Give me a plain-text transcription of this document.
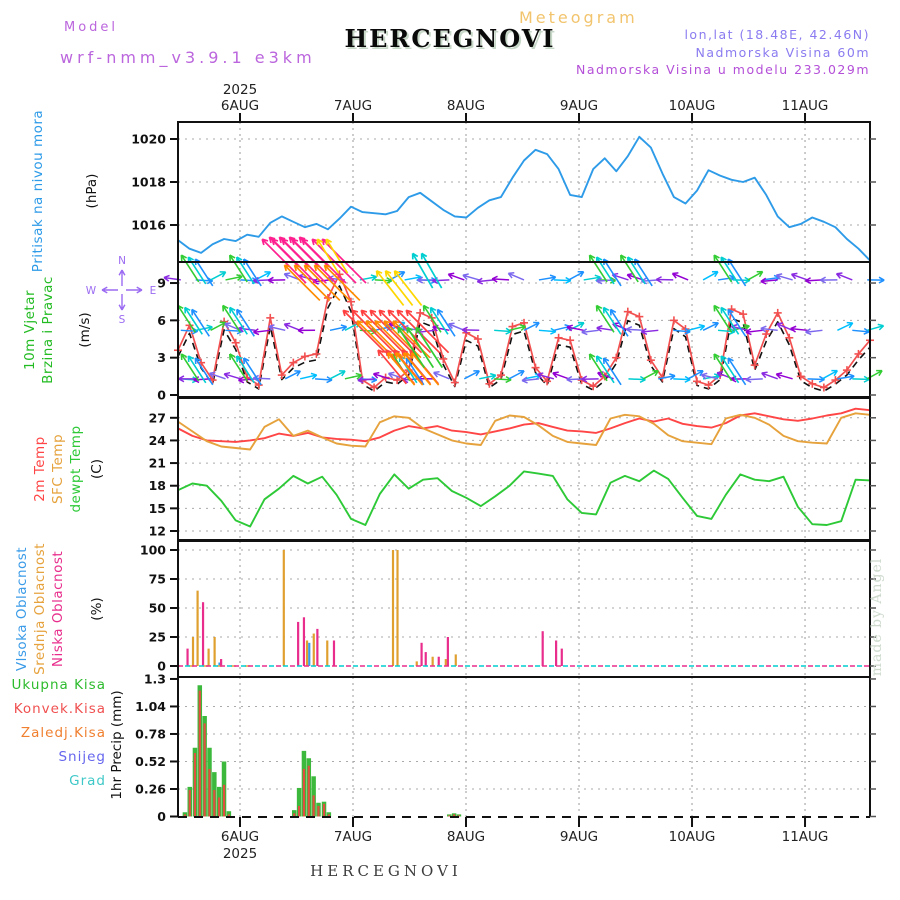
Meteogram
Model
wrf-nmm_v3.9.1 e3km
HERCEGNOVI	lon,lat (18.48E, 42.46N)
Nadmorska Visina 60m
Nadmorska Visina u modelu 233.029m
Pritisak na nivou mora	(hPa)
10m Vjetar Brzina i Pravac (m/s)
2m Temp SFC Temp dewpt Temp (C)
Vlsoka Oblacnost Srednja Oblacnost Niska Oblacnost (%)
Ukupna Kisa
Konvek.Kisa
Zaledj.Kisa
Snijeg
Grad 1hr Precip (mm)
1016
1018
1020
0
3
6
9
12
15
18
21
24
27
0
25
50
75
100
0
0.26
0.52
0.78
1.04
1.3
6AUG
6AUG
7AUG
7AUG
8AUG
8AUG
9AUG
9AUG
10AUG
10AUG
11AUG
11AUG
2025
2025
N
S
W	E
HERCEGNOVI
made by Angel
